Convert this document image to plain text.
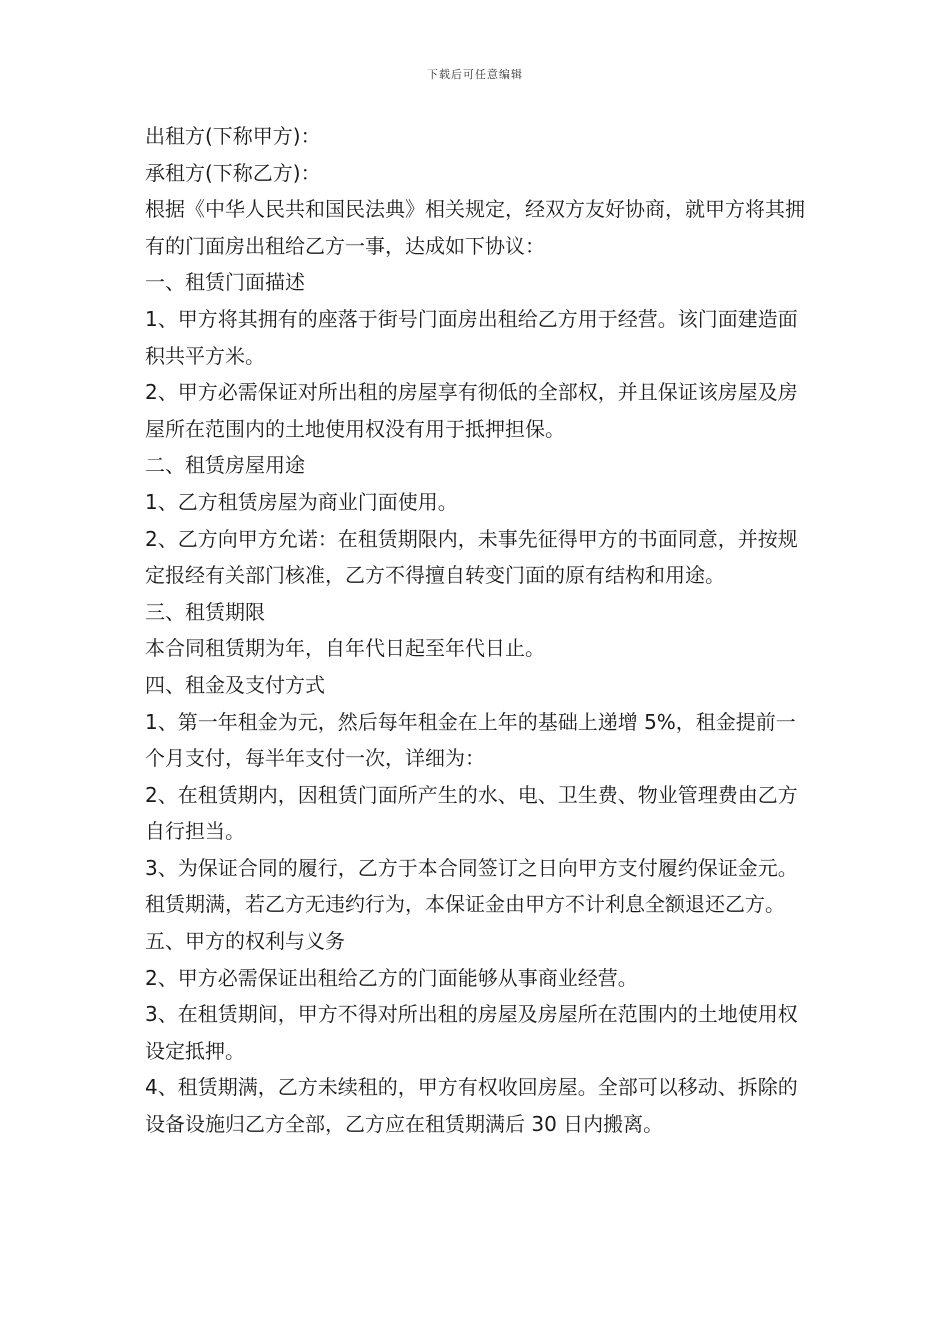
下载后可任意编辑

出租方(下称甲方)：

承租方(下称乙方)：

根据《中华人民共和国民法典》相关规定，经双方友好协商，就甲方将其拥有的门面房出租给乙方一事，达成如下协议：

一、租赁门面描述

1、甲方将其拥有的座落于街号门面房出租给乙方用于经营。该门面建造面积共平方米。

2、甲方必需保证对所出租的房屋享有彻低的全部权，并且保证该房屋及房屋所在范围内的土地使用权没有用于抵押担保。

二、租赁房屋用途

1、乙方租赁房屋为商业门面使用。

2、乙方向甲方允诺：在租赁期限内，未事先征得甲方的书面同意，并按规定报经有关部门核准，乙方不得擅自转变门面的原有结构和用途。

三、租赁期限

本合同租赁期为年，自年代日起至年代日止。

四、租金及支付方式

1、第一年租金为元，然后每年租金在上年的基础上递增 5%，租金提前一个月支付，每半年支付一次，详细为：

2、在租赁期内，因租赁门面所产生的水、电、卫生费、物业管理费由乙方自行担当。

3、为保证合同的履行，乙方于本合同签订之日向甲方支付履约保证金元。租赁期满，若乙方无违约行为，本保证金由甲方不计利息全额退还乙方。

五、甲方的权利与义务

2、甲方必需保证出租给乙方的门面能够从事商业经营。

3、在租赁期间，甲方不得对所出租的房屋及房屋所在范围内的土地使用权设定抵押。

4、租赁期满，乙方未续租的，甲方有权收回房屋。全部可以移动、拆除的设备设施归乙方全部，乙方应在租赁期满后 30 日内搬离。
